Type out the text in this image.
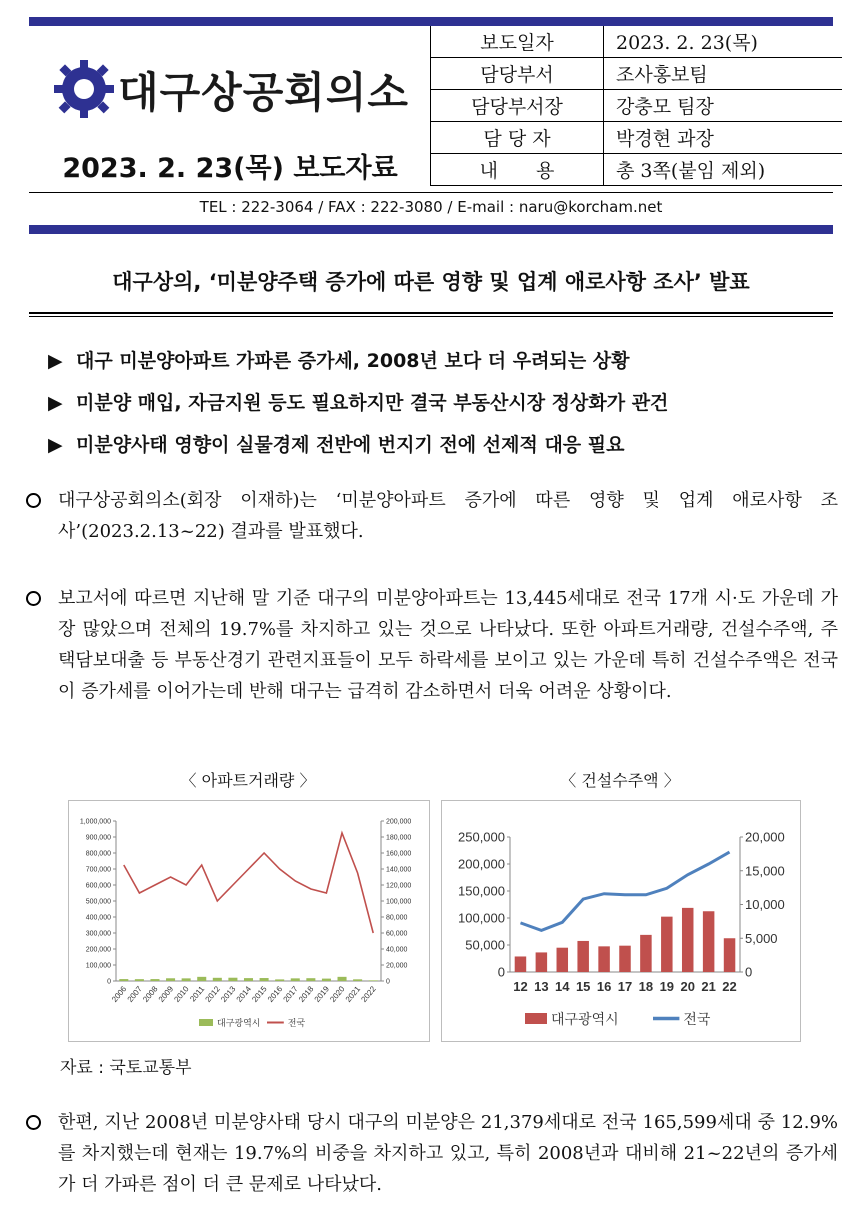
대구상공회의소
2023. 2. 23(목) 보도자료
보도일자	2023. 2. 23(목)
담당부서	조사홍보팀
담당부서장	강충모 팀장
담 당 자	박경현 과장
내　　용	총 3쪽(붙임 제외)
TEL : 222-3064 / FAX : 222-3080 / E-mail : naru@korcham.net
대구상의, ‘미분양주택 증가에 따른 영향 및 업계 애로사항 조사’ 발표
▶ 대구 미분양아파트 가파른 증가세, 2008년 보다 더 우려되는 상황
▶ 미분양 매입, 자금지원 등도 필요하지만 결국 부동산시장 정상화가 관건
▶ 미분양사태 영향이 실물경제 전반에 번지기 전에 선제적 대응 필요
대구상공회의소(회장 이재하)는 ‘미분양아파트 증가에 따른 영향 및 업계 애로사항 조사’(2023.2.13~22) 결과를 발표했다.
보고서에 따르면 지난해 말 기준 대구의 미분양아파트는 13,445세대로 전국 17개 시·도 가운데 가장 많았으며 전체의 19.7%를 차지하고 있는 것으로 나타났다. 또한 아파트거래량, 건설수주액, 주택담보대출 등 부동산경기 관련지표들이 모두 하락세를 보이고 있는 가운데 특히 건설수주액은 전국이 증가세를 이어가는데 반해 대구는 급격히 감소하면서 더욱 어려운 상황이다.
〈 아파트거래량 〉	〈 건설수주액 〉
0
100,000
200,000
300,000
400,000
500,000
600,000
700,000
800,000
900,000
1,000,000
0
20,000
40,000
60,000
80,000
100,000
120,000
140,000
160,000
180,000
200,000
2006
2007
2008
2009
2010
2011
2012
2013
2014
2015
2016
2017
2018
2019
2020
2021
2022
대구광역시	전국
0
50,000
100,000
150,000
200,000
250,000
0
5,000
10,000
15,000
20,000
12 13 14 15 16 17 18 19 20 21 22
대구광역시	전국
자료 : 국토교통부
한편, 지난 2008년 미분양사태 당시 대구의 미분양은 21,379세대로 전국 165,599세대 중 12.9%를 차지했는데 현재는 19.7%의 비중을 차지하고 있고, 특히 2008년과 대비해 21~22년의 증가세가 더 가파른 점이 더 큰 문제로 나타났다.
